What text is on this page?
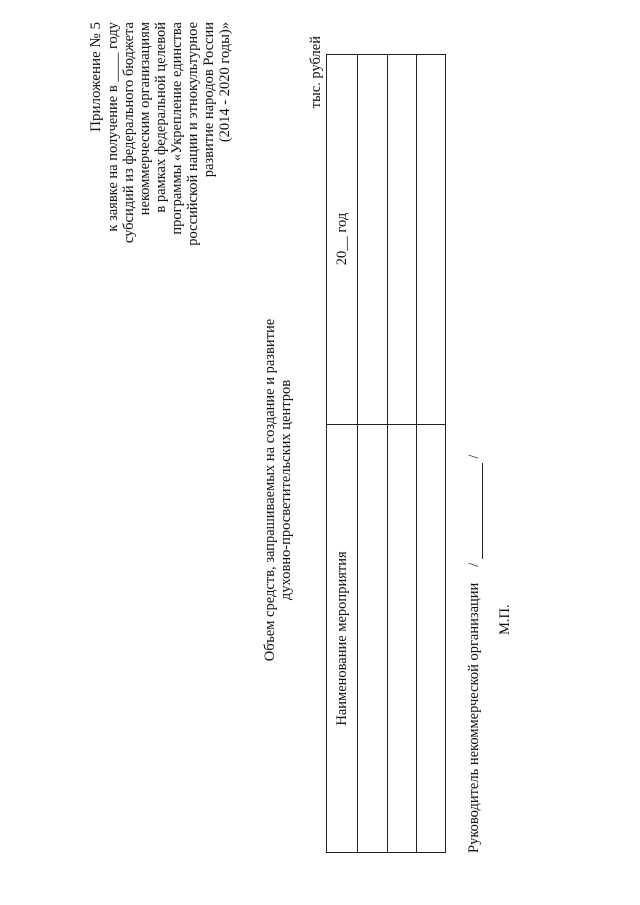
Приложение № 5 к заявке на получение в ____ году субсидий из федерального бюджета некоммерческим организациям в рамках федеральной целевой программы «Укрепление единства российской нации и этнокультурное развитие народов России (2014 - 2020 годы)»
Объем средств, запрашиваемых на создание и развитие духовно-просветительских центров
тыс. рублей
Наименование мероприятия
20__ год
Руководитель некоммерческой организации
/
/
М.П.
